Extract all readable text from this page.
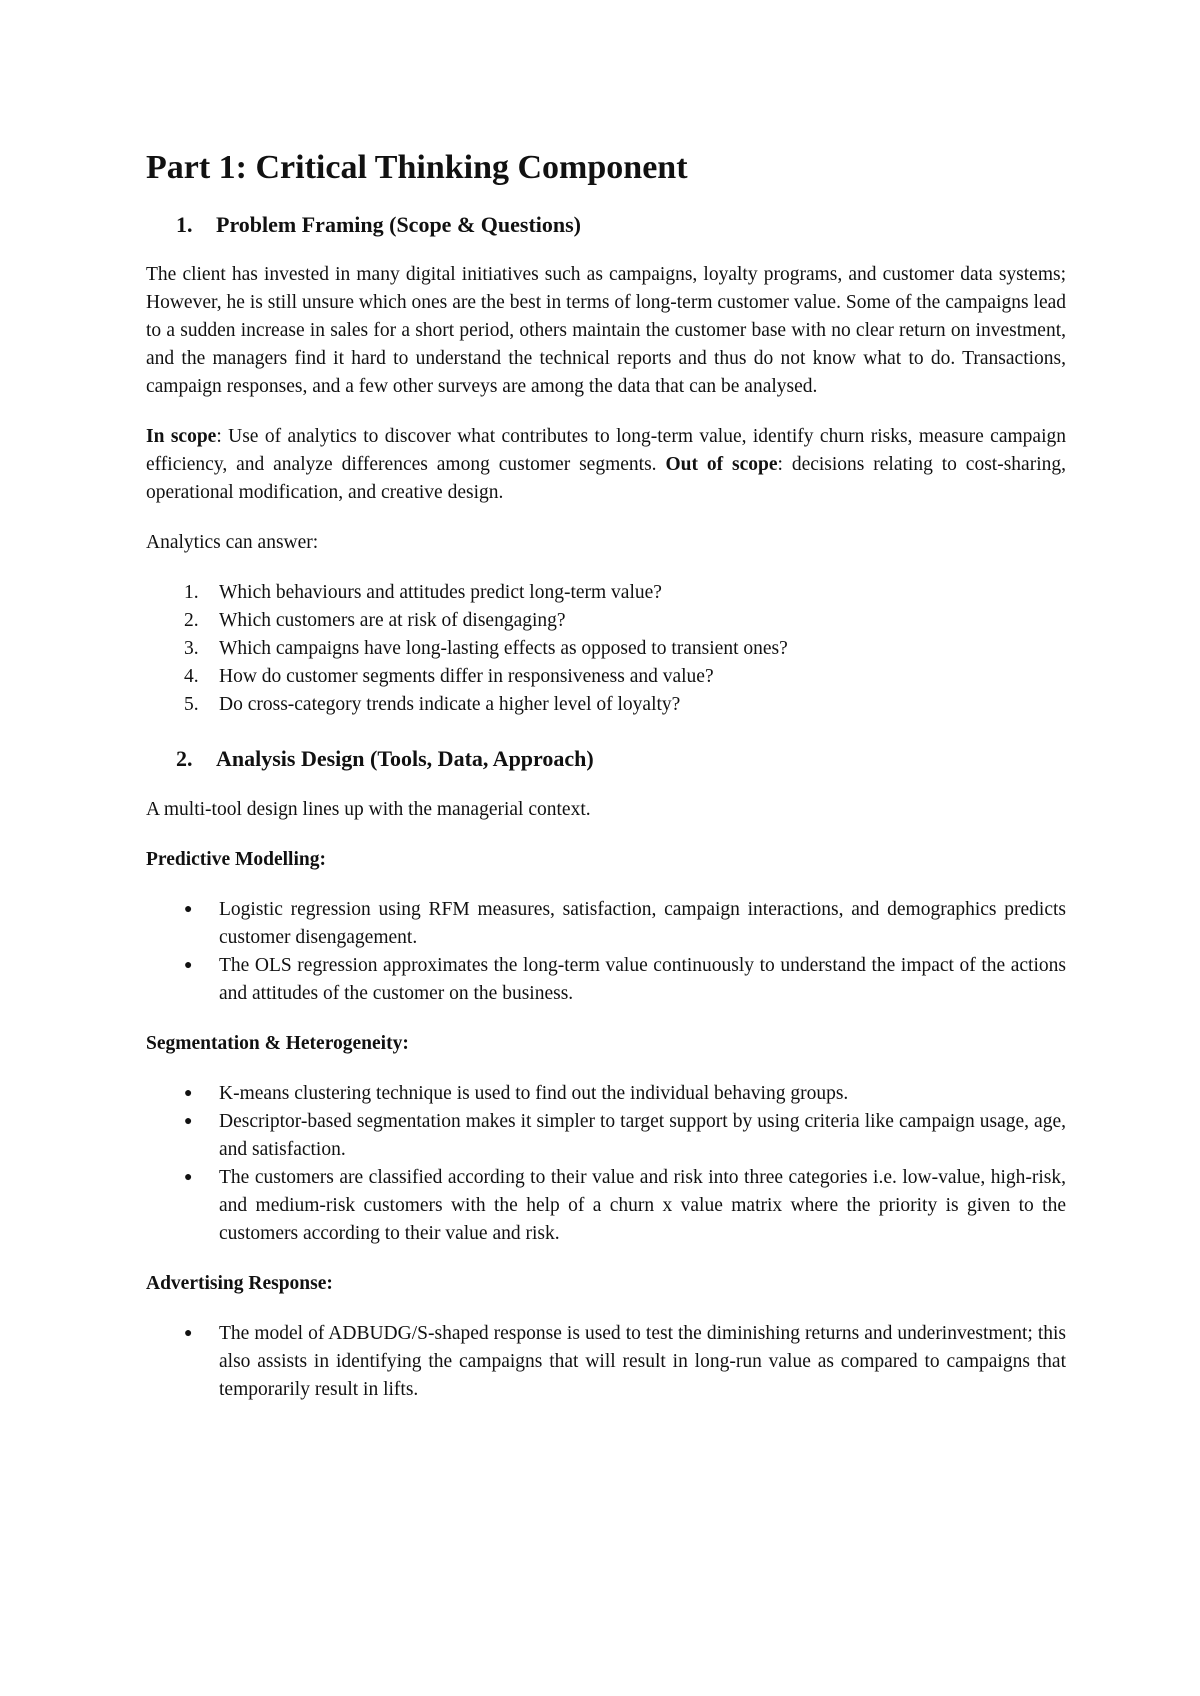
Part 1: Critical Thinking Component
1. Problem Framing (Scope & Questions)

The client has invested in many digital initiatives such as campaigns, loyalty programs, and customer data systems; However, he is still unsure which ones are the best in terms of long-term customer value. Some of the campaigns lead to a sudden increase in sales for a short period, others maintain the customer base with no clear return on investment, and the managers find it hard to understand the technical reports and thus do not know what to do. Transactions, campaign responses, and a few other surveys are among the data that can be analysed.

In scope: Use of analytics to discover what contributes to long-term value, identify churn risks, measure campaign efficiency, and analyze differences among customer segments. Out of scope: decisions relating to cost-sharing, operational modification, and creative design.

Analytics can answer:

1. Which behaviours and attitudes predict long-term value?
2. Which customers are at risk of disengaging?
3. Which campaigns have long-lasting effects as opposed to transient ones?
4. How do customer segments differ in responsiveness and value?
5. Do cross-category trends indicate a higher level of loyalty?
2. Analysis Design (Tools, Data, Approach)

A multi-tool design lines up with the managerial context.

Predictive Modelling:

● Logistic regression using RFM measures, satisfaction, campaign interactions, and demographics predicts customer disengagement.
● The OLS regression approximates the long-term value continuously to understand the impact of the actions and attitudes of the customer on the business.

Segmentation & Heterogeneity:

● K-means clustering technique is used to find out the individual behaving groups.
● Descriptor-based segmentation makes it simpler to target support by using criteria like campaign usage, age, and satisfaction.
● The customers are classified according to their value and risk into three categories i.e. low-value, high-risk, and medium-risk customers with the help of a churn x value matrix where the priority is given to the customers according to their value and risk.

Advertising Response:

● The model of ADBUDG/S-shaped response is used to test the diminishing returns and underinvestment; this also assists in identifying the campaigns that will result in long-run value as compared to campaigns that temporarily result in lifts.
